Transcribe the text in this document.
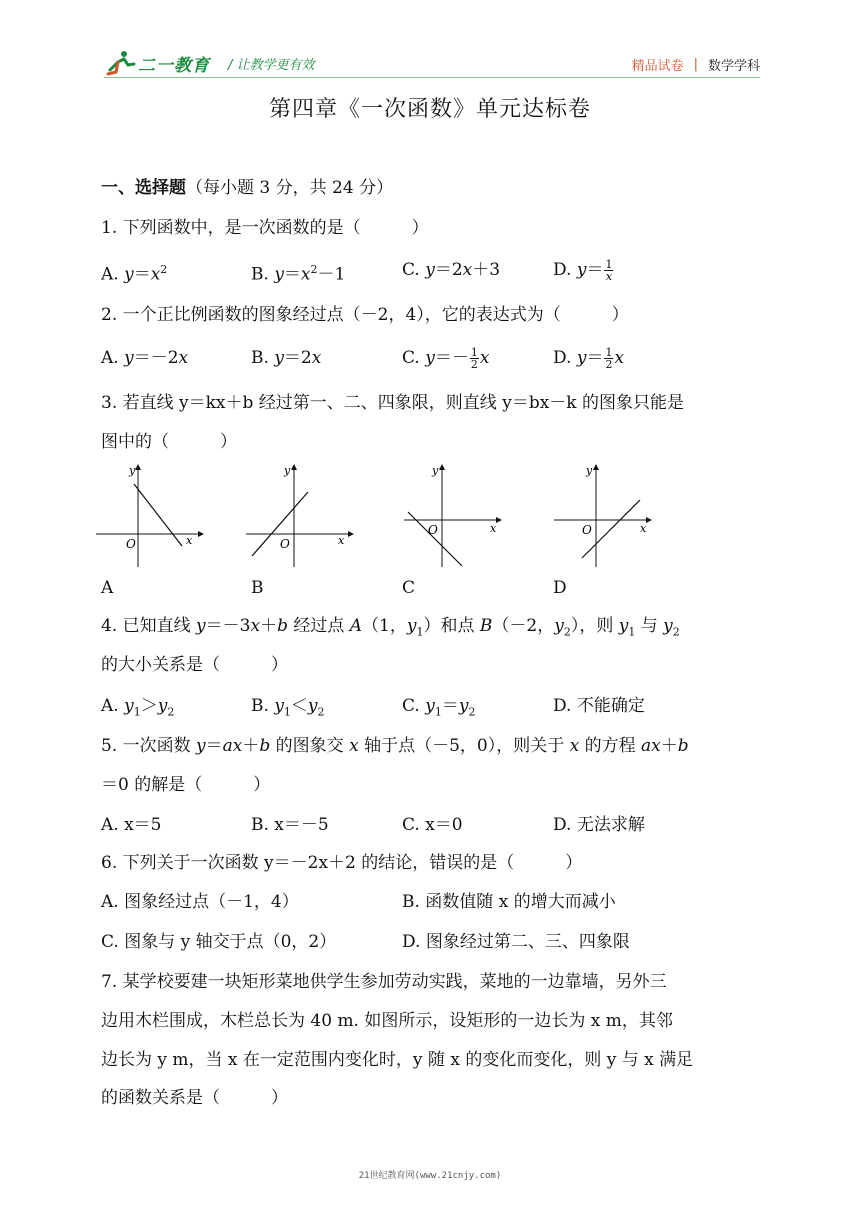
二一教育 / 让教学更有效	精品试卷 | 数学学科
第四章《一次函数》单元达标卷
一、选择题（每小题 3 分，共 24 分）
1. 下列函数中，是一次函数的是（　　　）
A. $y=x^2$	B. $y=x^2-1$	C. y＝2x＋3	D. $y= \frac{1}{x}$
2. 一个正比例函数的图象经过点（－2，4），它的表达式为（　　　）
A. y＝－2x	B. y＝2x	C. $y=- \frac{1}{2}$ x	D. $y= \frac{1}{2}$ x
3. 若直线 y＝kx＋b 经过第一、二、四象限，则直线 y＝bx－k 的图象只能是
图中的（　　　）
y
x
O
y
x
O
y
x
O
y
x
O
A	B	C	D
4. 已知直线 y＝－3x＋b 经过点 A（1，$y_1$）和点 B（－2，$y_2$），则 $y_1$ 与 $y_2$
的大小关系是（　　　）
A. $y_1>y_2$	B. $y_1<y_2$	C. $y_1=y_2$	D. 不能确定
5. 一次函数 y＝ax＋b 的图象交 x 轴于点（－5，0），则关于 x 的方程 ax＋b
＝0 的解是（　　　）
A. x＝5	B. x＝－5	C. x＝0	D. 无法求解
6. 下列关于一次函数 y＝－2x＋2 的结论，错误的是（　　　）
A. 图象经过点（－1，4）	B. 函数值随 x 的增大而减小
C. 图象与 y 轴交于点（0，2）	D. 图象经过第二、三、四象限
7. 某学校要建一块矩形菜地供学生参加劳动实践，菜地的一边靠墙，另外三
边用木栏围成，木栏总长为 40 m. 如图所示，设矩形的一边长为 x m，其邻
边长为 y m，当 x 在一定范围内变化时，y 随 x 的变化而变化，则 y 与 x 满足
的函数关系是（　　　）
21世纪教育网(www.21cnjy.com)
